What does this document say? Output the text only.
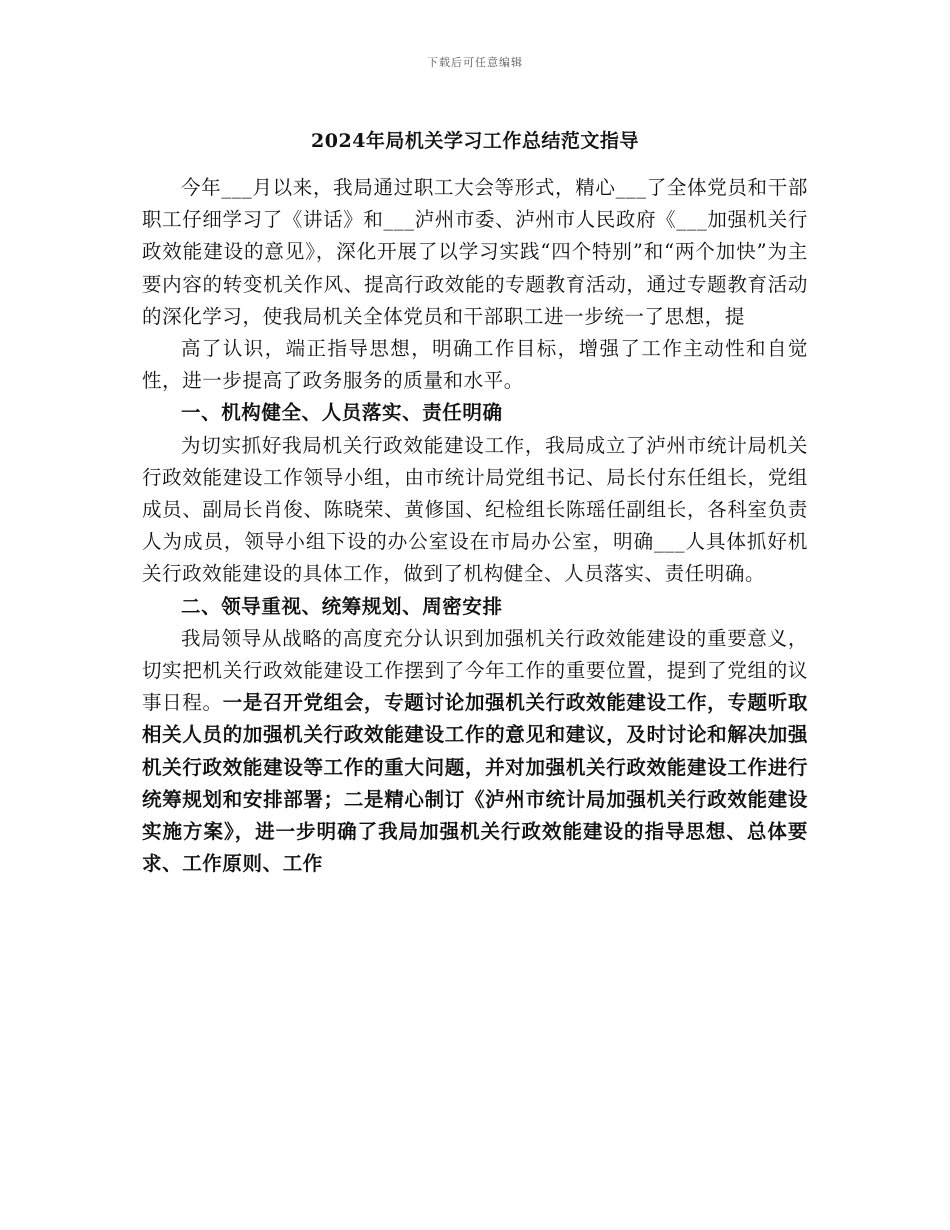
下载后可任意编辑
2024年局机关学习工作总结范文指导

今年___月以来，我局通过职工大会等形式，精心___了全体党员和干部职工仔细学习了《讲话》和___泸州市委、泸州市人民政府《___加强机关行政效能建设的意见》，深化开展了以学习实践“四个特别”和“两个加快”为主要内容的转变机关作风、提高行政效能的专题教育活动，通过专题教育活动的深化学习，使我局机关全体党员和干部职工进一步统一了思想，提

高了认识，端正指导思想，明确工作目标，增强了工作主动性和自觉性，进一步提高了政务服务的质量和水平。

一、机构健全、人员落实、责任明确

为切实抓好我局机关行政效能建设工作，我局成立了泸州市统计局机关行政效能建设工作领导小组，由市统计局党组书记、局长付东任组长，党组成员、副局长肖俊、陈晓荣、黄修国、纪检组长陈瑶任副组长，各科室负责人为成员，领导小组下设的办公室设在市局办公室，明确___人具体抓好机关行政效能建设的具体工作，做到了机构健全、人员落实、责任明确。

二、领导重视、统筹规划、周密安排

我局领导从战略的高度充分认识到加强机关行政效能建设的重要意义，切实把机关行政效能建设工作摆到了今年工作的重要位置，提到了党组的议事日程。一是召开党组会，专题讨论加强机关行政效能建设工作，专题听取相关人员的加强机关行政效能建设工作的意见和建议，及时讨论和解决加强机关行政效能建设等工作的重大问题，并对加强机关行政效能建设工作进行统筹规划和安排部署；二是精心制订《泸州市统计局加强机关行政效能建设实施方案》，进一步明确了我局加强机关行政效能建设的指导思想、总体要求、工作原则、工作
